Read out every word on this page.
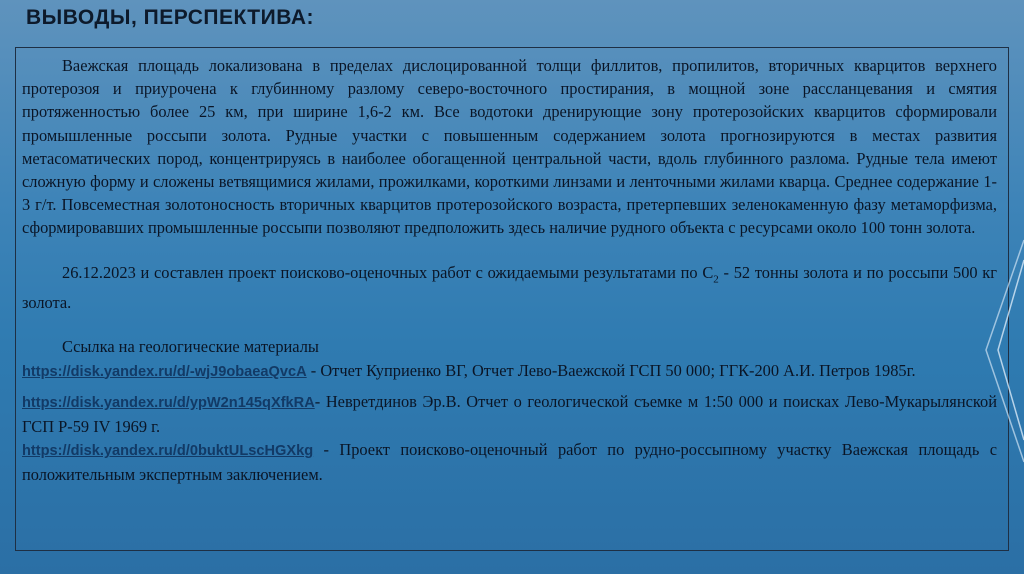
ВЫВОДЫ, ПЕРСПЕКТИВА:

Ваежская площадь локализована в пределах дислоцированной толщи филлитов, пропилитов, вторичных кварцитов верхнего протерозоя и приурочена к глубинному разлому северо-восточного простирания, в мощной зоне рассланцевания и смятия протяженностью более 25 км, при ширине 1,6-2 км. Все водотоки дренирующие зону протерозойских кварцитов сформировали промышленные россыпи золота. Рудные участки с повышенным содержанием золота прогнозируются в местах развития метасоматических пород, концентрируясь в наиболее обогащенной центральной части, вдоль глубинного разлома. Рудные тела имеют сложную форму и сложены ветвящимися жилами, прожилками, короткими линзами и ленточными жилами кварца. Среднее содержание 1-3 г/т. Повсеместная золотоносность вторичных кварцитов протерозойского возраста, претерпевших зеленокаменную фазу метаморфизма, сформировавших промышленные россыпи позволяют предположить здесь наличие рудного объекта с ресурсами около 100 тонн золота.

26.12.2023 и составлен проект поисково-оценочных работ с ожидаемыми результатами по $С_2 - 52$ тонны золота и по россыпи 500 кг золота.

Ссылка на геологические материалы

https://disk.yandex.ru/d/-wjJ9obaeaQvcA - Отчет Куприенко ВГ, Отчет Лево-Ваежской ГСП 50 000; ГГК-200 А.И. Петров 1985г.

https://disk.yandex.ru/d/ypW2n145qXfkRA- Невретдинов Эр.В. Отчет о геологической съемке м 1:50 000 и поисках Лево-Мукарылянской ГСП Р-59 IV 1969 г.

https://disk.yandex.ru/d/0buktULscHGXkg - Проект поисково-оценочный работ по рудно-россыпному участку Ваежская площадь с положительным экспертным заключением.
